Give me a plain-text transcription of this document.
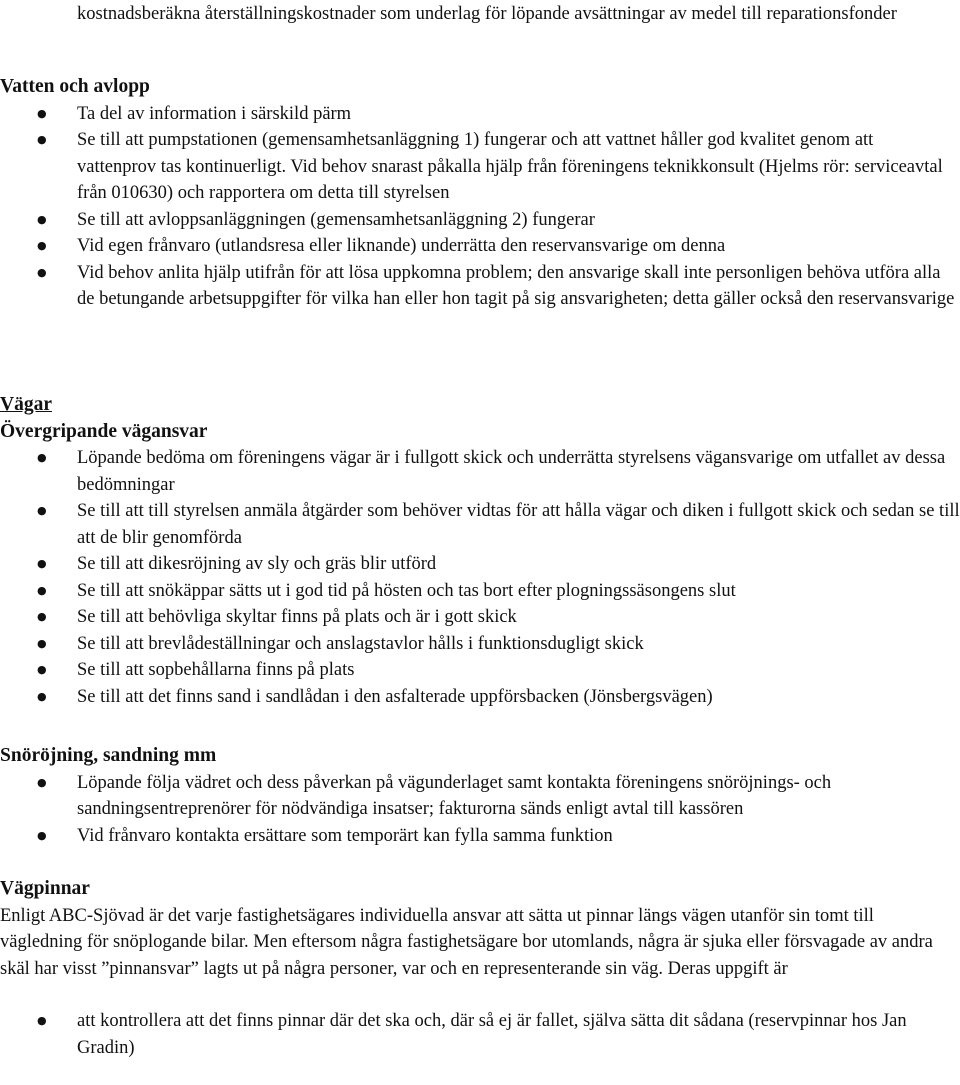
kostnadsberäkna återställningskostnader som underlag för löpande avsättningar av medel till reparationsfonder

Vatten och avlopp
● Ta del av information i särskild pärm
● Se till att pumpstationen (gemensamhetsanläggning 1) fungerar och att vattnet håller god kvalitet genom att vattenprov tas kontinuerligt. Vid behov snarast påkalla hjälp från föreningens teknikkonsult (Hjelms rör: serviceavtal från 010630) och rapportera om detta till styrelsen
● Se till att avloppsanläggningen (gemensamhetsanläggning 2) fungerar
● Vid egen frånvaro (utlandsresa eller liknande) underrätta den reservansvarige om denna
● Vid behov anlita hjälp utifrån för att lösa uppkomna problem; den ansvarige skall inte personligen behöva utföra alla de betungande arbetsuppgifter för vilka han eller hon tagit på sig ansvarigheten; detta gäller också den reservansvarige
Vägar
Övergripande vägansvar
● Löpande bedöma om föreningens vägar är i fullgott skick och underrätta styrelsens vägansvarige om utfallet av dessa bedömningar
● Se till att till styrelsen anmäla åtgärder som behöver vidtas för att hålla vägar och diken i fullgott skick och sedan se till att de blir genomförda
● Se till att dikesröjning av sly och gräs blir utförd
● Se till att snökäppar sätts ut i god tid på hösten och tas bort efter plogningssäsongens slut
● Se till att behövliga skyltar finns på plats och är i gott skick
● Se till att brevlådeställningar och anslagstavlor hålls i funktionsdugligt skick
● Se till att sopbehållarna finns på plats
● Se till att det finns sand i sandlådan i den asfalterade uppförsbacken (Jönsbergsvägen)
Snöröjning, sandning mm
● Löpande följa vädret och dess påverkan på vägunderlaget samt kontakta föreningens snöröjnings- och sandningsentreprenörer för nödvändiga insatser; fakturorna sänds enligt avtal till kassören
● Vid frånvaro kontakta ersättare som temporärt kan fylla samma funktion
Vägpinnar

Enligt ABC-Sjövad är det varje fastighetsägares individuella ansvar att sätta ut pinnar längs vägen utanför sin tomt till vägledning för snöplogande bilar. Men eftersom några fastighetsägare bor utomlands, några är sjuka eller försvagade av andra skäl har visst ”pinnansvar” lagts ut på några personer, var och en representerande sin väg. Deras uppgift är

● att kontrollera att det finns pinnar där det ska och, där så ej är fallet, själva sätta dit sådana (reservpinnar hos Jan Gradin)
